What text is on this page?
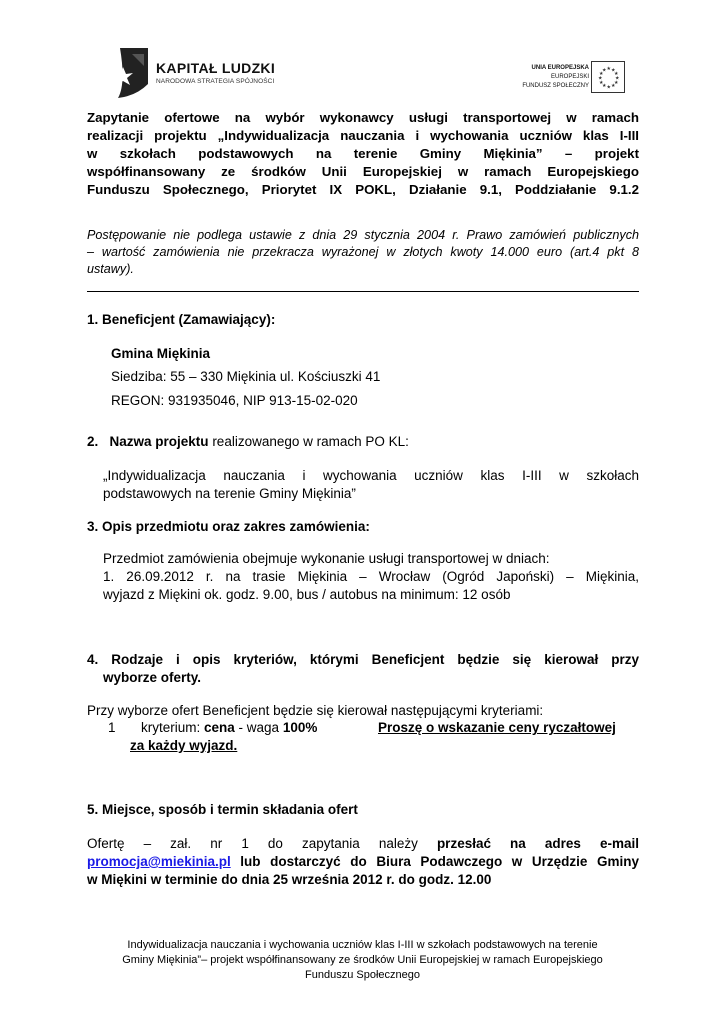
KAPITAŁ LUDZKI
NARODOWA STRATEGIA SPÓJNOŚCI
UNIA EUROPEJSKA
EUROPEJSKI
FUNDUSZ SPOŁECZNY
★ ★
★
★
★
★
★
★
★
★
★
★
Zapytanie ofertowe na wybór wykonawcy usługi transportowej w ramach
realizacji projektu „Indywidualizacja nauczania i wychowania uczniów klas I-III
w szkołach podstawowych na terenie Gminy Miękinia” – projekt
współfinansowany ze środków Unii Europejskiej w ramach Europejskiego
Funduszu Społecznego, Priorytet IX POKL, Działanie 9.1, Poddziałanie 9.1.2
Postępowanie nie podlega ustawie z dnia 29 stycznia 2004 r. Prawo zamówień publicznych
– wartość zamówienia nie przekracza wyrażonej w złotych kwoty 14.000 euro (art.4 pkt 8
ustawy).
1. Beneficjent (Zamawiający):
Gmina Miękinia
Siedziba: 55 – 330 Miękinia ul. Kościuszki 41
REGON: 931935046, NIP 913-15-02-020
2. Nazwa projektu realizowanego w ramach PO KL:
„Indywidualizacja nauczania i wychowania uczniów klas I-III w szkołach
podstawowych na terenie Gminy Miękinia”
3. Opis przedmiotu oraz zakres zamówienia:
Przedmiot zamówienia obejmuje wykonanie usługi transportowej w dniach:
1. 26.09.2012 r. na trasie Miękinia – Wrocław (Ogród Japoński) – Miękinia,
wyjazd z Miękini ok. godz. 9.00, bus / autobus na minimum: 12 osób
4. Rodzaje i opis kryteriów, którymi Beneficjent będzie się kierował przy
wyborze oferty.
Przy wyborze ofert Beneficjent będzie się kierował następującymi kryteriami:
1 kryterium: cena - waga 100%	Proszę o wskazanie ceny ryczałtowej
za każdy wyjazd.
5. Miejsce, sposób i termin składania ofert
Ofertę – zał. nr 1 do zapytania należy przesłać na adres e-mail
promocja@miekinia.pl lub dostarczyć do Biura Podawczego w Urzędzie Gminy
w Miękini w terminie do dnia 25 września 2012 r. do godz. 12.00
Indywidualizacja nauczania i wychowania uczniów klas I-III w szkołach podstawowych na terenie
Gminy Miękinia”– projekt współfinansowany ze środków Unii Europejskiej w ramach Europejskiego
Funduszu Społecznego
